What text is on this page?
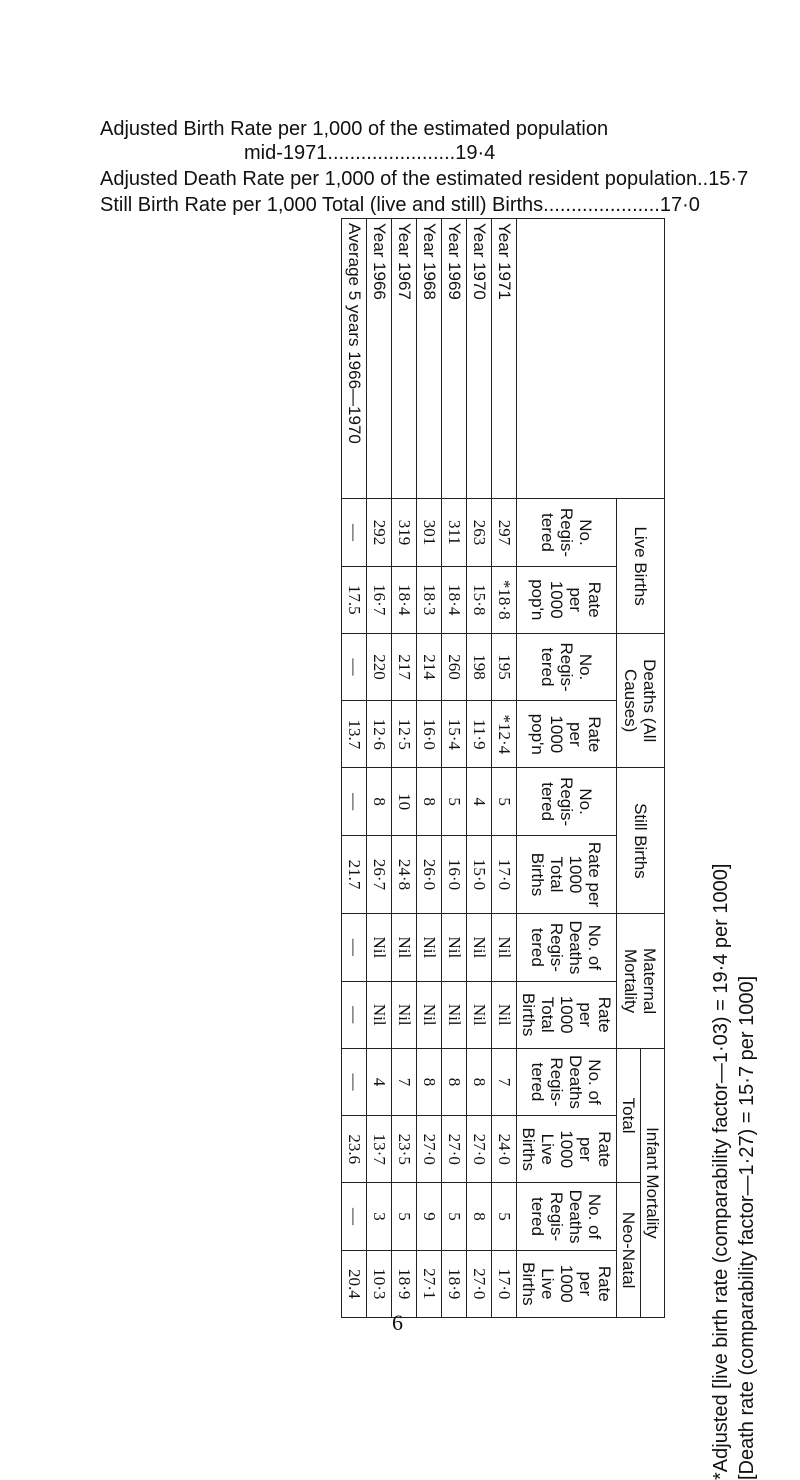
Adjusted Birth Rate per 1,000 of the estimated population
mid-1971.......................19·4
Adjusted Death Rate per 1,000 of the estimated resident population..15·7
Still Birth Rate per 1,000 Total (live and still) Births.....................17·0
	Live Births		Deaths (All Causes)		Still Births		Maternal Mortality		Infant Mortality			
									Total		Neo-Natal	
	No. Regis-tered	Rate per 1000 pop'n	No. Regis-tered	Rate per 1000 pop'n	No. Regis-tered	Rate per 1000 Total Births	No. of Deaths Regis-tered	Rate per 1000 Total Births	No. of Deaths Regis-tered	Rate per 1000 Live Births	No. of Deaths Regis-tered	Rate per 1000 Live Births
Year 1971	297	*18·8	195	*12·4	5	17·0	Nil	Nil	7	24·0	5	17·0
Year 1970	263	15·8	198	11·9	4	15·0	Nil	Nil	8	27·0	8	27·0
Year 1969	311	18·4	260	15·4	5	16·0	Nil	Nil	8	27·0	5	18·9
Year 1968	301	18·3	214	16·0	8	26·0	Nil	Nil	8	27·0	9	27·1
Year 1967	319	18·4	217	12·5	10	24·8	Nil	Nil	7	23·5	5	18·9
Year 1966	292	16·7	220	12·6	8	26·7	Nil	Nil	4	13·7	3	10·3
Average 5 years 1966—1970	—	17.5	—	13.7	—	21.7	—	—	—	23.6	—	20.4	*Adjusted [live birth rate (comparability factor—1·03) = 19·4 per 1000] [Death rate (comparability factor—1·27) = 15·7 per 1000]
6
